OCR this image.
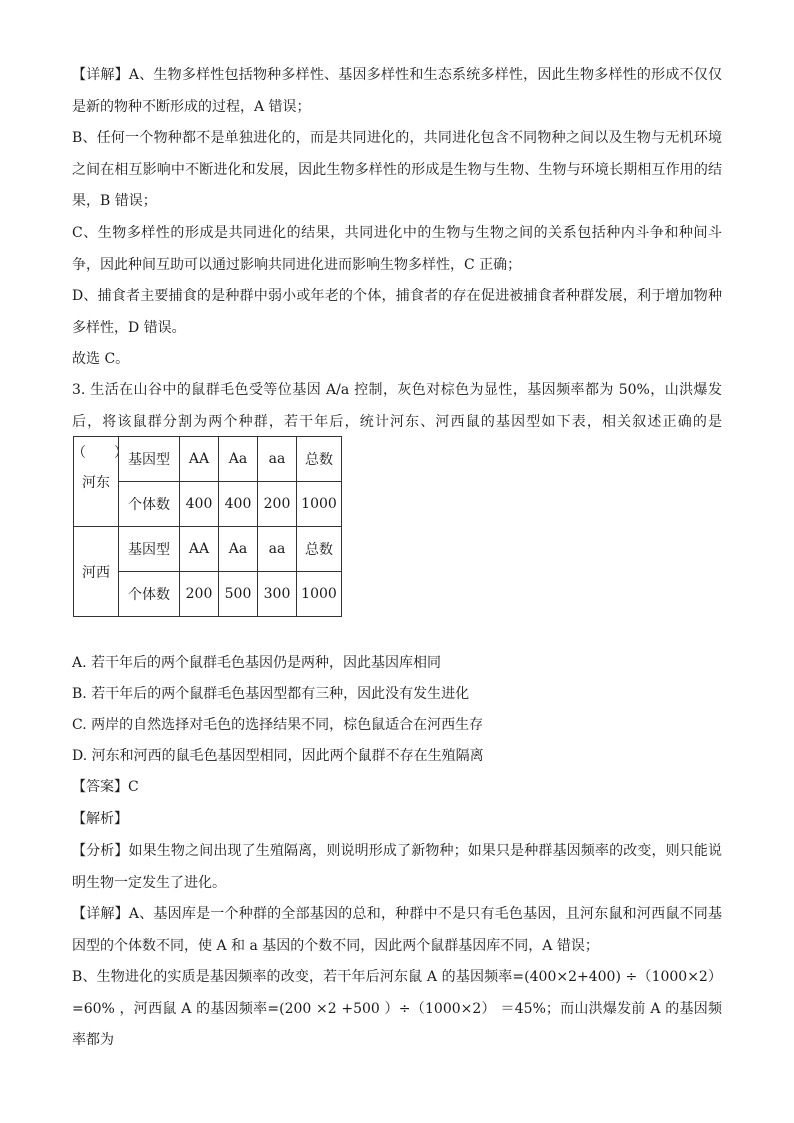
【详解】A、生物多样性包括物种多样性、基因多样性和生态系统多样性，因此生物多样性的形成不仅仅是新的物种不断形成的过程，A 错误；

B、任何一个物种都不是单独进化的，而是共同进化的，共同进化包含不同物种之间以及生物与无机环境之间在相互影响中不断进化和发展，因此生物多样性的形成是生物与生物、生物与环境长期相互作用的结果，B 错误；

C、生物多样性的形成是共同进化的结果，共同进化中的生物与生物之间的关系包括种内斗争和种间斗争，因此种间互助可以通过影响共同进化进而影响生物多样性，C 正确；

D、捕食者主要捕食的是种群中弱小或年老的个体，捕食者的存在促进被捕食者种群发展，利于增加物种多样性，D 错误。

故选 C。

3. 生活在山谷中的鼠群毛色受等位基因 A/a 控制，灰色对棕色为显性，基因频率都为 50%，山洪爆发后，将该鼠群分割为两个种群，若干年后，统计河东、河西鼠的基因型如下表，相关叙述正确的是（　　）

河东	基因型	AA	Aa	aa	总数
	个体数	400	400	200	1000
河西	基因型	AA	Aa	aa	总数
	个体数	200	500	300	1000

A. 若干年后的两个鼠群毛色基因仍是两种，因此基因库相同

B. 若干年后的两个鼠群毛色基因型都有三种，因此没有发生进化

C. 两岸的自然选择对毛色的选择结果不同，棕色鼠适合在河西生存

D. 河东和河西的鼠毛色基因型相同，因此两个鼠群不存在生殖隔离

【答案】C

【解析】

【分析】如果生物之间出现了生殖隔离，则说明形成了新物种；如果只是种群基因频率的改变，则只能说明生物一定发生了进化。

【详解】A、基因库是一个种群的全部基因的总和，种群中不是只有毛色基因，且河东鼠和河西鼠不同基因型的个体数不同，使 A 和 a 基因的个数不同，因此两个鼠群基因库不同，A 错误；

B、生物进化的实质是基因频率的改变，若干年后河东鼠 A 的基因频率=(400×2+400) ÷（1000×2）=60% ，河西鼠 A 的基因频率=(200 ×2 +500 ）÷（1000×2） ＝45%；而山洪爆发前 A 的基因频率都为
